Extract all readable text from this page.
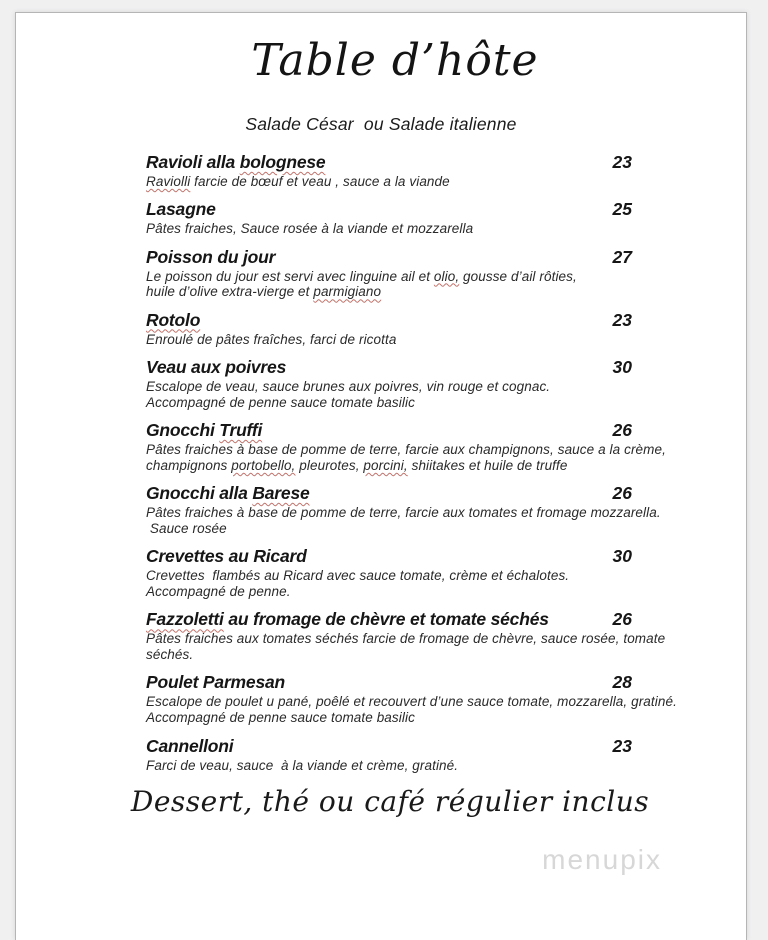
Table d’hôte
Salade César  ou Salade italienne
Ravioli alla bolognese	23
Raviolli farcie de bœuf et veau , sauce a la viande
Lasagne	25
Pâtes fraiches, Sauce rosée à la viande et mozzarella
Poisson du jour	27
Le poisson du jour est servi avec linguine ail et olio, gousse d’ail rôties,
huile d’olive extra-vierge et parmigiano
Rotolo	23
Enroulé de pâtes fraîches, farci de ricotta
Veau aux poivres	30
Escalope de veau, sauce brunes aux poivres, vin rouge et cognac.
Accompagné de penne sauce tomate basilic
Gnocchi Truffi	26
Pâtes fraiches à base de pomme de terre, farcie aux champignons, sauce a la crème,
champignons portobello, pleurotes, porcini, shiitakes et huile de truffe
Gnocchi alla Barese	26
Pâtes fraiches à base de pomme de terre, farcie aux tomates et fromage mozzarella.
Sauce rosée
Crevettes au Ricard	30
Crevettes  flambés au Ricard avec sauce tomate, crème et échalotes.
Accompagné de penne.
Fazzoletti au fromage de chèvre et tomate séchés	26
Pâtes fraiches aux tomates séchés farcie de fromage de chèvre, sauce rosée, tomate séchés.
Poulet Parmesan	28
Escalope de poulet u pané, poêlé et recouvert d’une sauce tomate, mozzarella, gratiné.
Accompagné de penne sauce tomate basilic
Cannelloni	23
Farci de veau, sauce  à la viande et crème, gratiné.
Dessert, thé ou café régulier inclus
menupix
